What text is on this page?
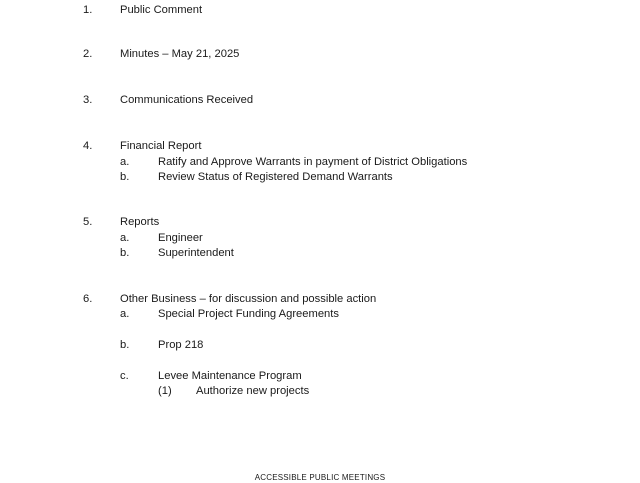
1. Public Comment
2. Minutes – May 21, 2025
3. Communications Received
4. Financial Report
a.	Ratify and Approve Warrants in payment of District Obligations
b.	Review Status of Registered Demand Warrants
5. Reports
a.	Engineer
b.	Superintendent
6. Other Business – for discussion and possible action
a.	Special Project Funding Agreements
b.	Prop 218
c.	Levee Maintenance Program
(1) Authorize new projects
ACCESSIBLE PUBLIC MEETINGS
